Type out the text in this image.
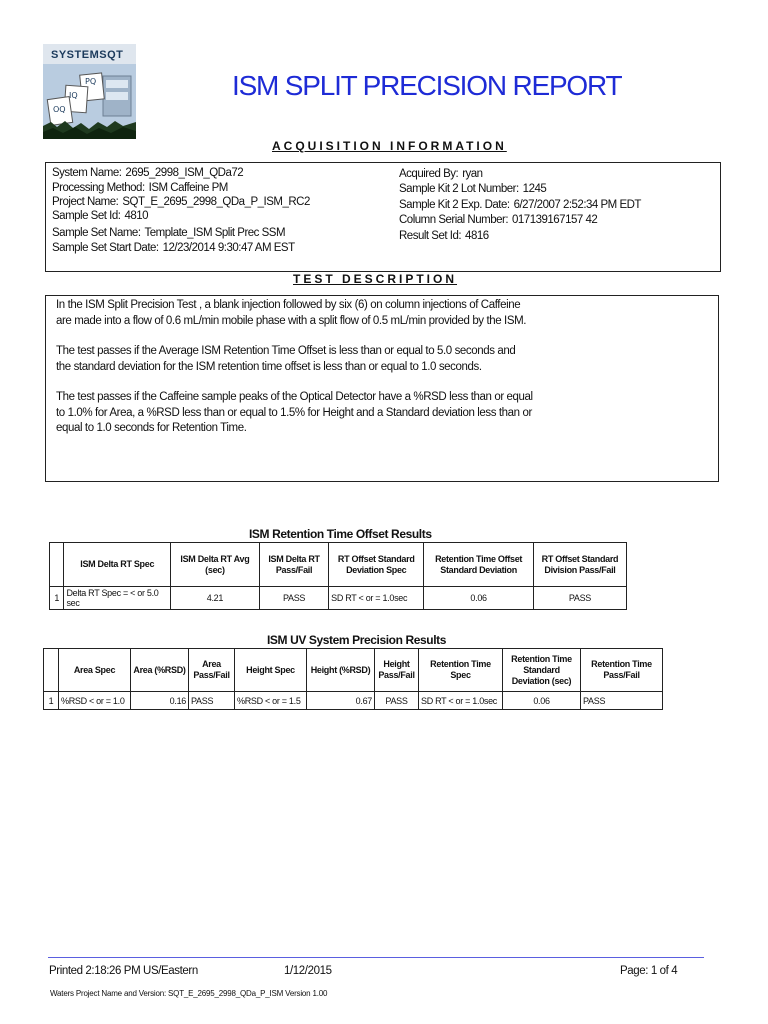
SYSTEMSQT
PQ
IQ
OQ
ISM SPLIT PRECISION REPORT
ACQUISITION INFORMATION
System Name: 2695_2998_ISM_QDa72
Processing Method: ISM Caffeine PM
Project Name: SQT_E_2695_2998_QDa_P_ISM_RC2
Sample Set Id: 4810
Sample Set Name: Template_ISM Split Prec SSM
Sample Set Start Date: 12/23/2014 9:30:47 AM EST
Acquired By: ryan
Sample Kit 2 Lot Number: 1245
Sample Kit 2 Exp. Date: 6/27/2007 2:52:34 PM EDT
Column Serial Number: 017139167157 42
Result Set Id: 4816
TEST DESCRIPTION
In the ISM Split Precision Test , a blank injection followed by six (6) on column injections of Caffeine
are made into a flow of 0.6 mL/min mobile phase with a split flow of 0.5 mL/min provided by the ISM.
The test passes if the Average ISM Retention Time Offset is less than or equal to 5.0 seconds and
the standard deviation for the ISM retention time offset is less than or equal to 1.0 seconds.
The test passes if the Caffeine sample peaks of the Optical Detector have a %RSD less than or equal
to 1.0% for Area, a %RSD less than or equal to 1.5% for Height and a Standard deviation less than or
equal to 1.0 seconds for Retention Time.
ISM Retention Time Offset Results
	ISM Delta RT Spec	ISM Delta RT Avg (sec)	ISM Delta RT Pass/Fail	RT Offset Standard Deviation Spec	Retention Time Offset Standard Deviation	RT Offset Standard Division Pass/Fail
1	Delta RT Spec = < or 5.0 sec	4.21	PASS	SD RT < or = 1.0sec	0.06	PASS
ISM UV System Precision Results
	Area Spec	Area (%RSD)	Area Pass/Fail	Height Spec	Height (%RSD)	Height Pass/Fail	Retention Time Spec	Retention Time Standard Deviation (sec)	Retention Time Pass/Fail
1	%RSD < or = 1.0	0.16	PASS	%RSD < or = 1.5	0.67	PASS	SD RT < or = 1.0sec	0.06	PASS
Printed 2:18:26 PM US/Eastern	1/12/2015	Page: 1 of 4
Waters Project Name and Version: SQT_E_2695_2998_QDa_P_ISM Version 1.00
